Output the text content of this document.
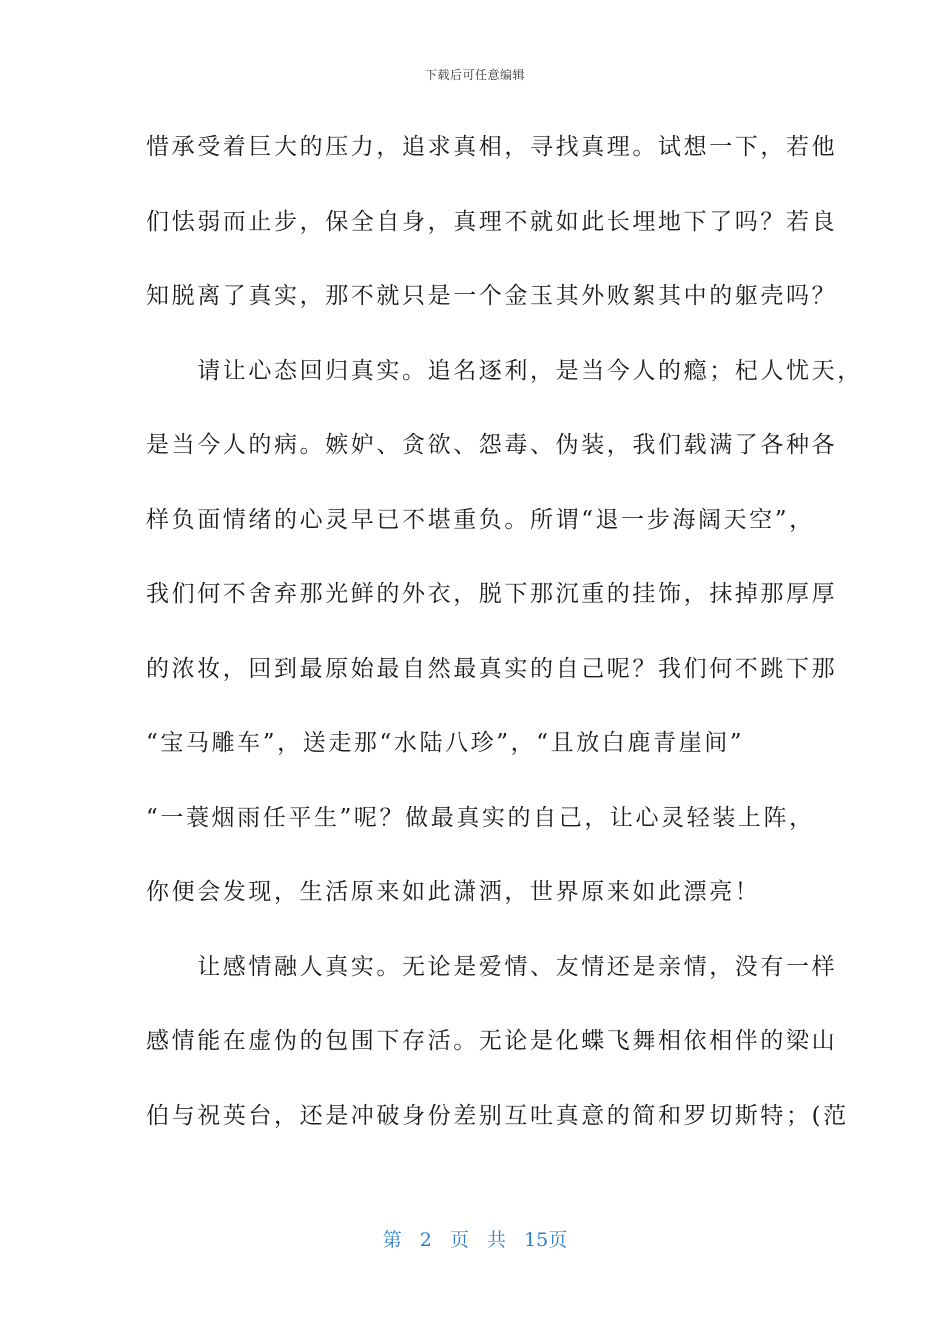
下载后可任意编辑
惜承受着巨大的压力，追求真相，寻找真理。试想一下，若他
们怯弱而止步，保全自身，真理不就如此长埋地下了吗？若良
知脱离了真实，那不就只是一个金玉其外败絮其中的躯壳吗？
　　请让心态回归真实。追名逐利，是当今人的瘾；杞人忧天，
是当今人的病。嫉妒、贪欲、怨毒、伪装，我们载满了各种各
样负面情绪的心灵早已不堪重负。所谓“退一步海阔天空”，
我们何不舍弃那光鲜的外衣，脱下那沉重的挂饰，抹掉那厚厚
的浓妆，回到最原始最自然最真实的自己呢？我们何不跳下那
“宝马雕车”，送走那“水陆八珍”，“且放白鹿青崖间”
“一蓑烟雨任平生”呢？做最真实的自己，让心灵轻装上阵，
你便会发现，生活原来如此潇洒，世界原来如此漂亮！
　　让感情融人真实。无论是爱情、友情还是亲情，没有一样
感情能在虚伪的包围下存活。无论是化蝶飞舞相依相伴的梁山
伯与祝英台，还是冲破身份差别互吐真意的简和罗切斯特；(范
第 2 页 共 15页
